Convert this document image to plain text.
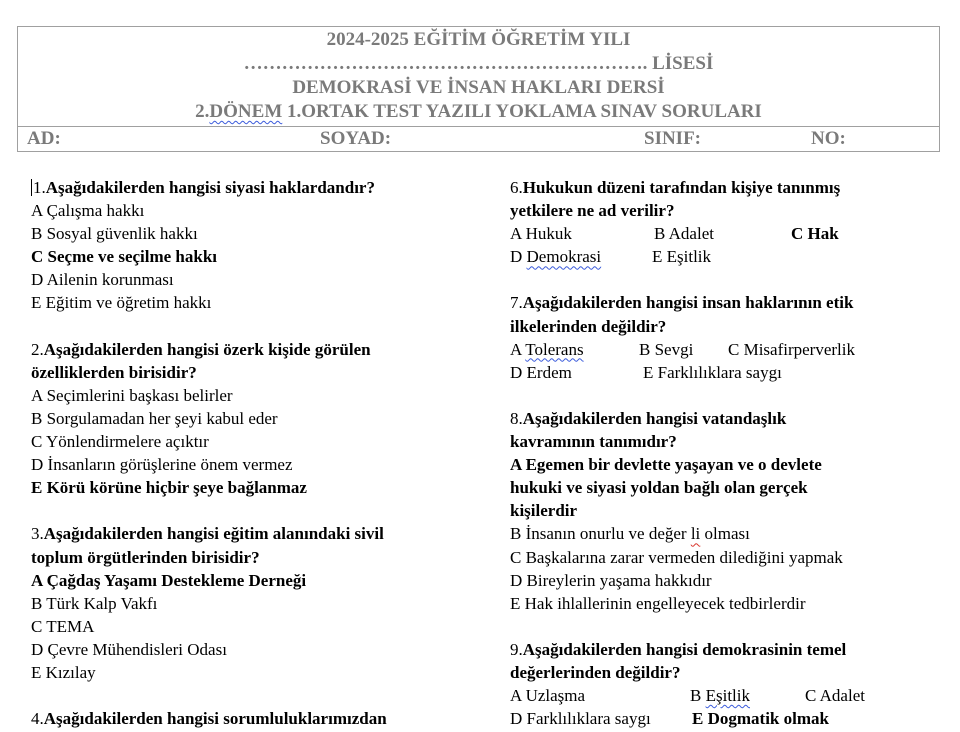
2024-2025 EĞİTİM ÖĞRETİM YILI
………………………………………………………. LİSESİ
DEMOKRASİ VE İNSAN HAKLARI DERSİ
2.DÖNEM 1.ORTAK TEST YAZILI YOKLAMA SINAV SORULARI
AD:	SOYAD:	SINIF:	NO:
1.Aşağıdakilerden hangisi siyasi haklardandır?
A Çalışma hakkı
B Sosyal güvenlik hakkı
C Seçme ve seçilme hakkı
D Ailenin korunması
E Eğitim ve öğretim hakkı
2.Aşağıdakilerden hangisi özerk kişide görülen
özelliklerden birisidir?
A Seçimlerini başkası belirler
B Sorgulamadan her şeyi kabul eder
C Yönlendirmelere açıktır
D İnsanların görüşlerine önem vermez
E Körü körüne hiçbir şeye bağlanmaz
3.Aşağıdakilerden hangisi eğitim alanındaki sivil
toplum örgütlerinden birisidir?
A Çağdaş Yaşamı Destekleme Derneği
B Türk Kalp Vakfı
C TEMA
D Çevre Mühendisleri Odası
E Kızılay
4.Aşağıdakilerden hangisi sorumluluklarımızdan
6.Hukukun düzeni tarafından kişiye tanınmış
yetkilere ne ad verilir?
A Hukuk	B Adalet	C Hak
D Demokrasi	E Eşitlik
7.Aşağıdakilerden hangisi insan haklarının etik
ilkelerinden değildir?
A Tolerans	B Sevgi C Misafirperverlik
D Erdem	E Farklılıklara saygı
8.Aşağıdakilerden hangisi vatandaşlık
kavramının tanımıdır?
A Egemen bir devlette yaşayan ve o devlete
hukuki ve siyasi yoldan bağlı olan gerçek
kişilerdir
B İnsanın onurlu ve değer li olması
C Başkalarına zarar vermeden dilediğini yapmak
D Bireylerin yaşama hakkıdır
E Hak ihlallerinin engelleyecek tedbirlerdir
9.Aşağıdakilerden hangisi demokrasinin temel
değerlerinden değildir?
A Uzlaşma	B Eşitlik	C Adalet
D Farklılıklara saygı E Dogmatik olmak
